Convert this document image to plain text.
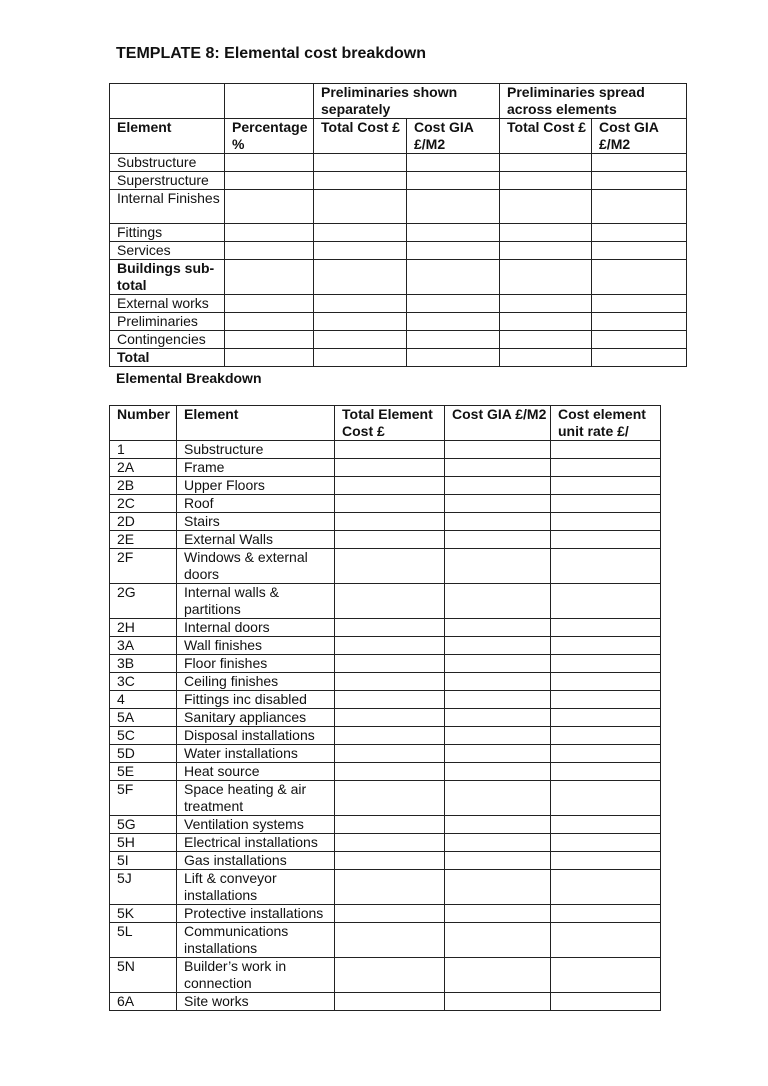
TEMPLATE 8: Elemental cost breakdown
		Preliminaries shown separately		Preliminaries spread across elements	
Element	Percentage %	Total Cost £	Cost GIA £/M2	Total Cost £	Cost GIA £/M2
Substructure					
Superstructure					
Internal Finishes					
Fittings					
Services					
Buildings sub-total					
External works					
Preliminaries					
Contingencies					
Total					
Elemental Breakdown
Number	Element	Total Element Cost £	Cost GIA £/M2	Cost element unit rate £/
1	Substructure			
2A	Frame			
2B	Upper Floors			
2C	Roof			
2D	Stairs			
2E	External Walls			
2F	Windows & external doors			
2G	Internal walls & partitions			
2H	Internal doors			
3A	Wall finishes			
3B	Floor finishes			
3C	Ceiling finishes			
4	Fittings inc disabled			
5A	Sanitary appliances			
5C	Disposal installations			
5D	Water installations			
5E	Heat source			
5F	Space heating & air treatment			
5G	Ventilation systems			
5H	Electrical installations			
5I	Gas installations			
5J	Lift & conveyor installations			
5K	Protective installations			
5L	Communications installations			
5N	Builder’s work in connection			
6A	Site works			
